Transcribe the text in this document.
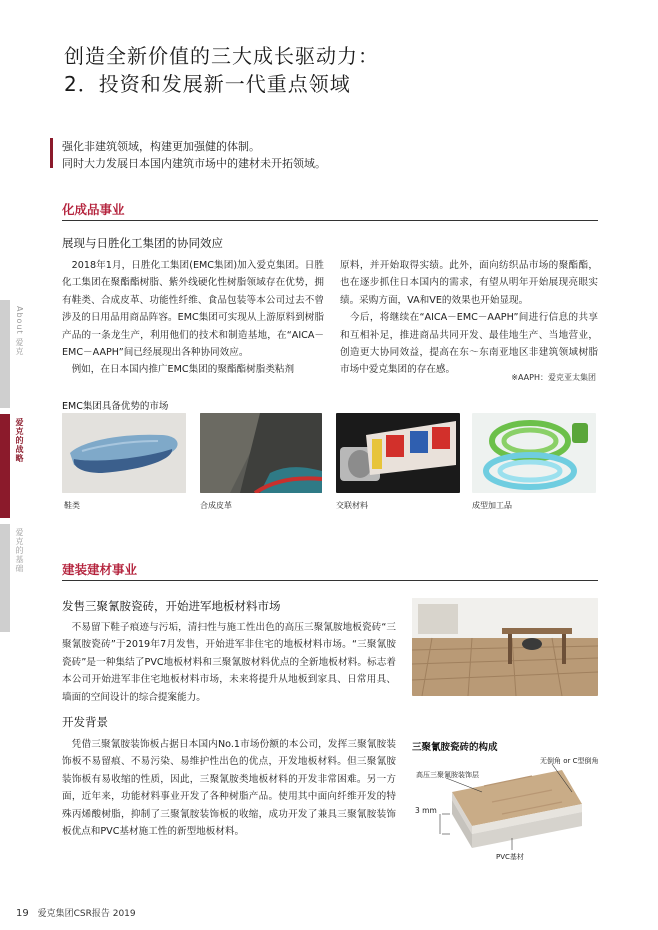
创造全新价值的三大成长驱动力：
2．投资和发展新一代重点领域
强化非建筑领域，构建更加强健的体制。
同时大力发展日本国内建筑市场中的建材未开拓领域。
About 爱克
爱克的战略
爱克的基础
化成品事业
展现与日胜化工集团的协同效应
　2018年1月，日胜化工集团(EMC集团)加入爱克集团。日胜化工集团在聚酯酯树脂、紫外线硬化性树脂领域存在优势，拥有鞋类、合成皮革、功能性纤维、食品包装等本公司过去不曾涉及的日用品用商品阵容。EMC集团可实现从上游原料到树脂产品的一条龙生产，利用他们的技术和制造基地，在“AICA－EMC－AAPH”间已经展现出各种协同效应。
　例如，在日本国内推广EMC集团的聚酯酯树脂类粘剂
原料，并开始取得实绩。此外，面向纺织品市场的聚酯酯，也在逐步抓住日本国内的需求，有望从明年开始展现亮眼实绩。采购方面，VA和VE的效果也开始显现。
　今后，将继续在“AICA－EMC－AAPH”间进行信息的共享和互相补足，推进商品共同开发、最佳地生产、当地营业，创造更大协同效益，提高在东～东南亚地区非建筑领域树脂市场中爱克集团的存在感。
※AAPH：爱克亚太集团
EMC集团具备优势的市场
鞋类	合成皮革	交联材料	成型加工品
建装建材事业
发售三聚氰胺瓷砖，开始进军地板材料市场
　不易留下鞋子痕迹与污垢，清扫性与施工性出色的高压三聚氰胺地板瓷砖“三聚氰胺瓷砖”于2019年7月发售，开始进军非住宅的地板材料市场。“三聚氰胺瓷砖”是一种集结了PVC地板材料和三聚氰胺材料优点的全新地板材料。标志着本公司开始进军非住宅地板材料市场，未来将提升从地板到家具、日常用具、墙面的空间设计的综合提案能力。
开发背景
　凭借三聚氰胺装饰板占据日本国内No.1市场份额的本公司，发挥三聚氰胺装饰板不易留痕、不易污染、易维护性出色的优点，开发地板材料。但三聚氰胺装饰板有易收缩的性质，因此，三聚氰胺类地板材料的开发非常困难。另一方面，近年来，功能材料事业开发了各种树脂产品。使用其中面向纤维开发的特殊丙烯酸树脂，抑制了三聚氰胺装饰板的收缩，成功开发了兼具三聚氰胺装饰板优点和PVC基材施工性的新型地板材料。
三聚氰胺瓷砖的构成
无倒角 or C型倒角
高压三聚氰胺装饰层
3 mm
PVC基材
19 爱克集团CSR报告 2019
